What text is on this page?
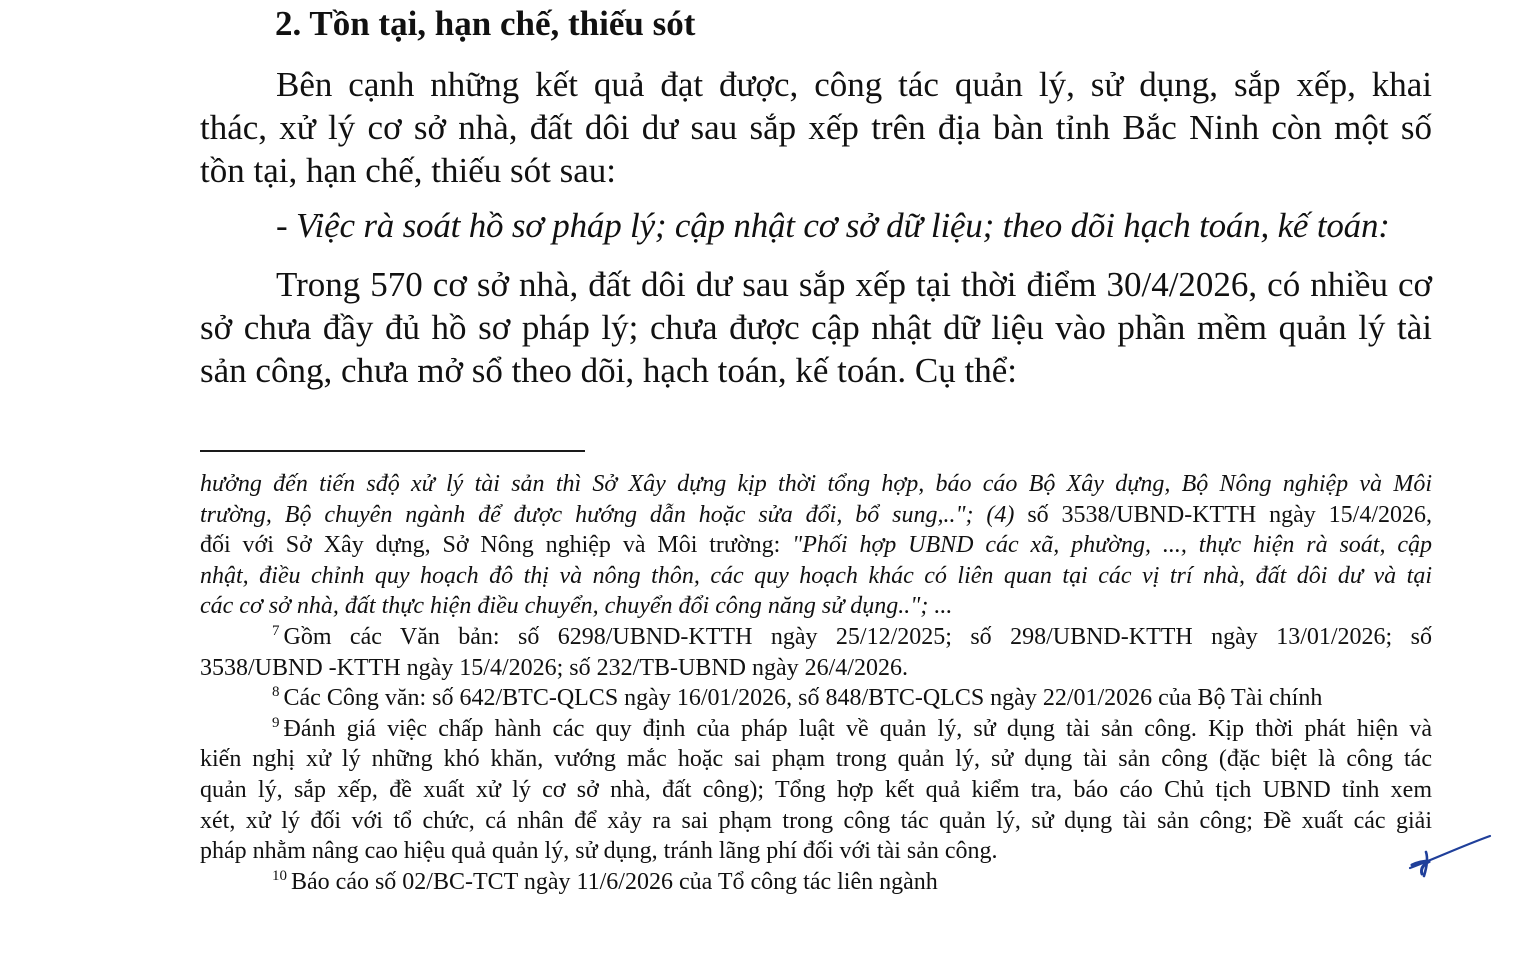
2. Tồn tại, hạn chế, thiếu sót
Bên cạnh những kết quả đạt được, công tác quản lý, sử dụng, sắp xếp, khai
thác, xử lý cơ sở nhà, đất dôi dư sau sắp xếp trên địa bàn tỉnh Bắc Ninh còn một số
tồn tại, hạn chế, thiếu sót sau:
- Việc rà soát hồ sơ pháp lý; cập nhật cơ sở dữ liệu; theo dõi hạch toán, kế toán:
Trong 570 cơ sở nhà, đất dôi dư sau sắp xếp tại thời điểm 30/4/2026, có nhiều cơ
sở chưa đầy đủ hồ sơ pháp lý; chưa được cập nhật dữ liệu vào phần mềm quản lý tài
sản công, chưa mở sổ theo dõi, hạch toán, kế toán. Cụ thể:
hưởng đến tiến sđộ xử lý tài sản thì Sở Xây dựng kịp thời tổng hợp, báo cáo Bộ Xây dựng, Bộ Nông nghiệp và Môi
trường, Bộ chuyên ngành để được hướng dẫn hoặc sửa đổi, bổ sung,.."; (4) số 3538/UBND-KTTH ngày 15/4/2026,
đối với Sở Xây dựng, Sở Nông nghiệp và Môi trường: "Phối hợp UBND các xã, phường, ..., thực hiện rà soát, cập
nhật, điều chỉnh quy hoạch đô thị và nông thôn, các quy hoạch khác có liên quan tại các vị trí nhà, đất dôi dư và tại
các cơ sở nhà, đất thực hiện điều chuyển, chuyển đổi công năng sử dụng.."; ...
$^7$ Gồm các Văn bản: số 6298/UBND-KTTH ngày 25/12/2025; số 298/UBND-KTTH ngày 13/01/2026; số
3538/UBND -KTTH ngày 15/4/2026; số 232/TB-UBND ngày 26/4/2026.
$^8$ Các Công văn: số 642/BTC-QLCS ngày 16/01/2026, số 848/BTC-QLCS ngày 22/01/2026 của Bộ Tài chính
$^9$ Đánh giá việc chấp hành các quy định của pháp luật về quản lý, sử dụng tài sản công. Kịp thời phát hiện và
kiến nghị xử lý những khó khăn, vướng mắc hoặc sai phạm trong quản lý, sử dụng tài sản công (đặc biệt là công tác
quản lý, sắp xếp, đề xuất xử lý cơ sở nhà, đất công); Tổng hợp kết quả kiểm tra, báo cáo Chủ tịch UBND tỉnh xem
xét, xử lý đối với tổ chức, cá nhân để xảy ra sai phạm trong công tác quản lý, sử dụng tài sản công; Đề xuất các giải
pháp nhằm nâng cao hiệu quả quản lý, sử dụng, tránh lãng phí đối với tài sản công.
$^{10}$ Báo cáo số 02/BC-TCT ngày 11/6/2026 của Tổ công tác liên ngành
